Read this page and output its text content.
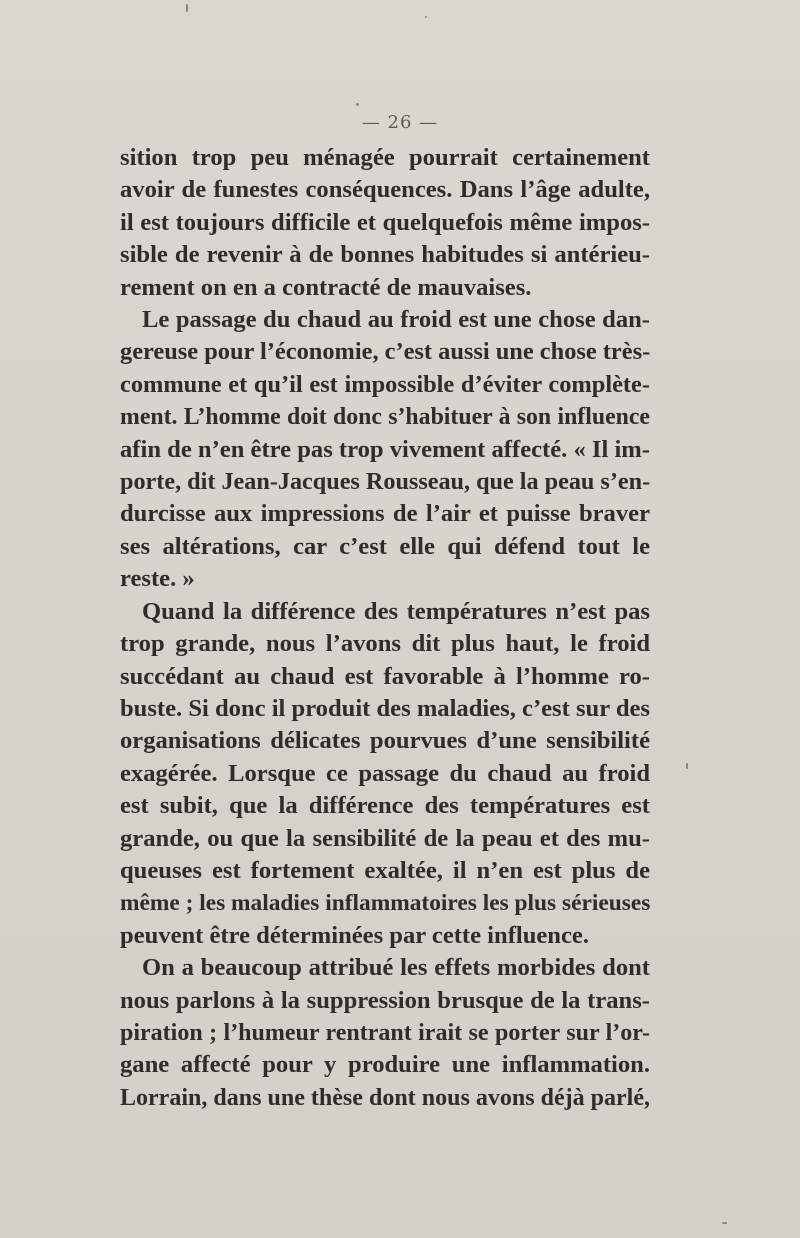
— 26 —
sition trop peu ménagée pourrait certainement
avoir de funestes conséquences. Dans l’âge adulte,
il est toujours difficile et quelquefois même impos-
sible de revenir à de bonnes habitudes si antérieu-
rement on en a contracté de mauvaises.
Le passage du chaud au froid est une chose dan-
gereuse pour l’économie, c’est aussi une chose très-
commune et qu’il est impossible d’éviter complète-
ment. L’homme doit donc s’habituer à son influence
afin de n’en être pas trop vivement affecté. « Il im-
porte, dit Jean-Jacques Rousseau, que la peau s’en-
durcisse aux impressions de l’air et puisse braver
ses altérations, car c’est elle qui défend tout le
reste. »
Quand la différence des températures n’est pas
trop grande, nous l’avons dit plus haut, le froid
succédant au chaud est favorable à l’homme ro-
buste. Si donc il produit des maladies, c’est sur des
organisations délicates pourvues d’une sensibilité
exagérée. Lorsque ce passage du chaud au froid
est subit, que la différence des températures est
grande, ou que la sensibilité de la peau et des mu-
queuses est fortement exaltée, il n’en est plus de
même ; les maladies inflammatoires les plus sérieuses
peuvent être déterminées par cette influence.
On a beaucoup attribué les effets morbides dont
nous parlons à la suppression brusque de la trans-
piration ; l’humeur rentrant irait se porter sur l’or-
gane affecté pour y produire une inflammation.
Lorrain, dans une thèse dont nous avons déjà parlé,
